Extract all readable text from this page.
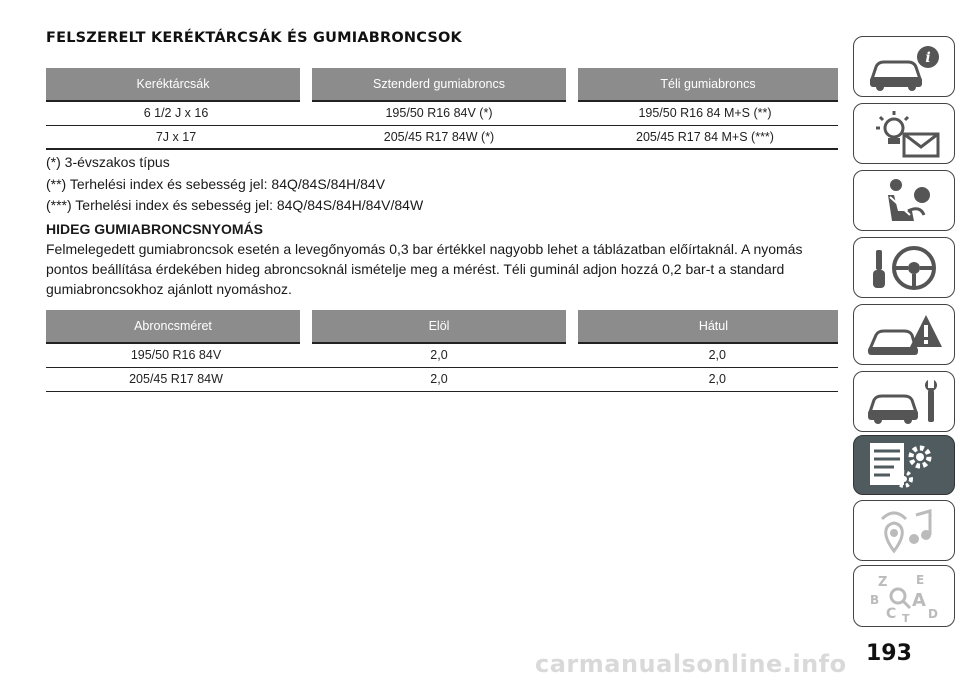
FELSZERELT KERÉKTÁRCSÁK ÉS GUMIABRONCSOK
Keréktárcsák	Sztenderd gumiabroncs	Téli gumiabroncs
6 1/2 J x 16	195/50 R16 84V (*)	195/50 R16 84 M+S (**)
7J x 17	205/45 R17 84W (*)	205/45 R17 84 M+S (***)
(*) 3-évszakos típus
(**) Terhelési index és sebesség jel: 84Q/84S/84H/84V
(***) Terhelési index és sebesség jel: 84Q/84S/84H/84V/84W
HIDEG GUMIABRONCSNYOMÁS
Felmelegedett gumiabroncsok esetén a levegőnyomás 0,3 bar értékkel nagyobb lehet a táblázatban előírtaknál. A nyomás pontos beállítása érdekében hideg abroncsoknál ismételje meg a mérést. Téli guminál adjon hozzá 0,2 bar-t a standard gumiabroncsokhoz ajánlott nyomáshoz.
Abroncsméret	Elöl	Hátul
195/50 R16 84V	2,0	2,0
205/45 R17 84W	2,0	2,0
i
Z E
B A
C	D
T
193
carmanualsonline.info
